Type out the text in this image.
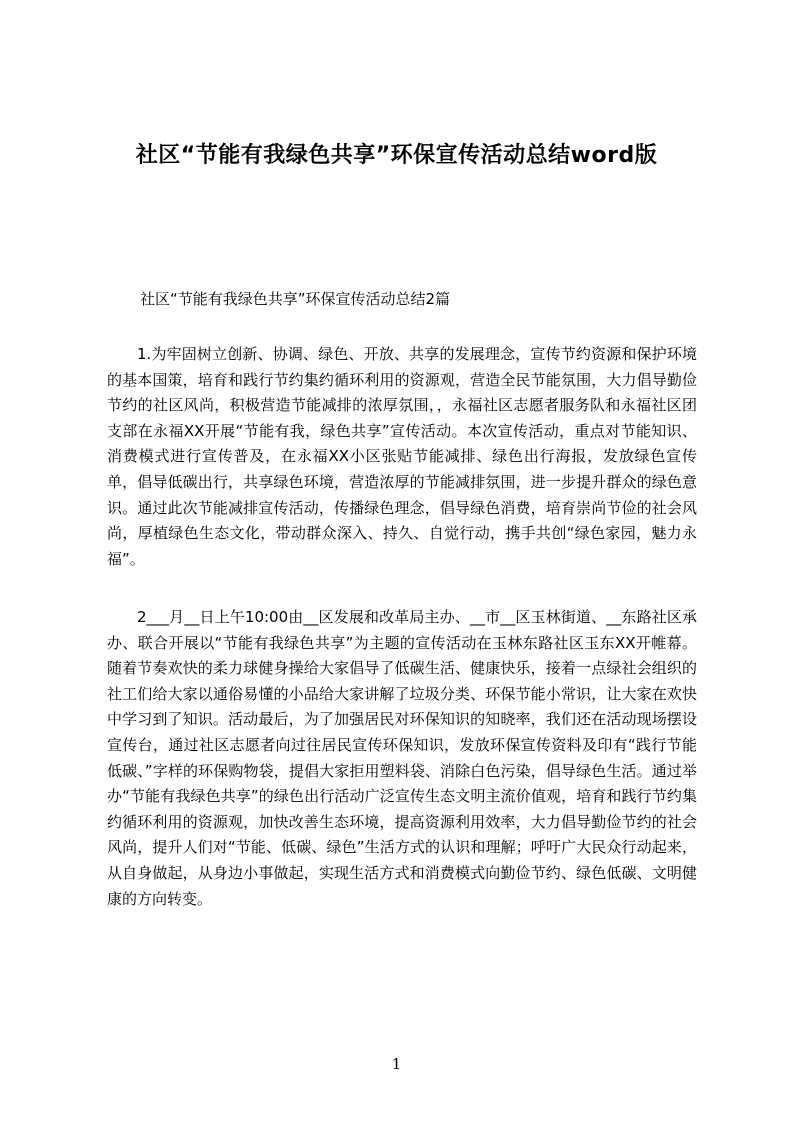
社区“节能有我绿色共享”环保宣传活动总结word版

社区“节能有我绿色共享”环保宣传活动总结2篇

1.为牢固树立创新、协调、绿色、开放、共享的发展理念，宣传节约资源和保护环境的基本国策，培育和践行节约集约循环利用的资源观，营造全民节能氛围，大力倡导勤俭节约的社区风尚，积极营造节能减排的浓厚氛围，，永福社区志愿者服务队和永福社区团支部在永福XX开展“节能有我，绿色共享”宣传活动。本次宣传活动，重点对节能知识、消费模式进行宣传普及，在永福XX小区张贴节能减排、绿色出行海报，发放绿色宣传单，倡导低碳出行，共享绿色环境，营造浓厚的节能减排氛围，进一步提升群众的绿色意识。通过此次节能减排宣传活动，传播绿色理念，倡导绿色消费，培育崇尚节俭的社会风尚，厚植绿色生态文化，带动群众深入、持久、自觉行动，携手共创“绿色家园，魅力永福”。

2___月__日上午10:00由__区发展和改革局主办、__市__区玉林街道、__东路社区承办、联合开展以“节能有我绿色共享”为主题的宣传活动在玉林东路社区玉东XX开帷幕。随着节奏欢快的柔力球健身操给大家倡导了低碳生活、健康快乐，接着一点绿社会组织的社工们给大家以通俗易懂的小品给大家讲解了垃圾分类、环保节能小常识，让大家在欢快中学习到了知识。活动最后，为了加强居民对环保知识的知晓率，我们还在活动现场摆设宣传台，通过社区志愿者向过往居民宣传环保知识，发放环保宣传资料及印有“践行节能低碳、”字样的环保购物袋，提倡大家拒用塑料袋、消除白色污染，倡导绿色生活。通过举办“节能有我绿色共享”的绿色出行活动广泛宣传生态文明主流价值观，培育和践行节约集约循环利用的资源观，加快改善生态环境，提高资源利用效率，大力倡导勤俭节约的社会风尚，提升人们对“节能、低碳、绿色”生活方式的认识和理解；呼吁广大民众行动起来，从自身做起，从身边小事做起，实现生活方式和消费模式向勤俭节约、绿色低碳、文明健康的方向转变。

1
